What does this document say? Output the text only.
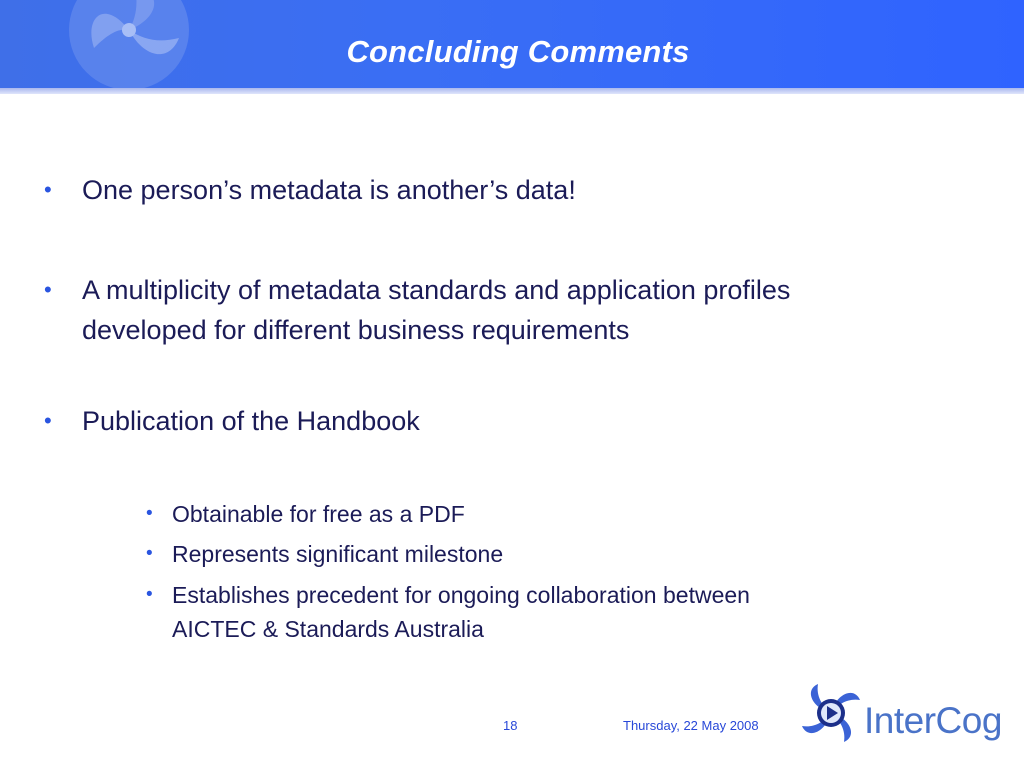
Concluding Comments
• One person’s metadata is another’s data!
• A multiplicity of metadata standards and application profiles
developed for different business requirements
• Publication of the Handbook
• Obtainable for free as a PDF
• Represents significant milestone
• Establishes precedent for ongoing collaboration between
AICTEC & Standards Australia
18	Thursday, 22 May 2008	InterCog
